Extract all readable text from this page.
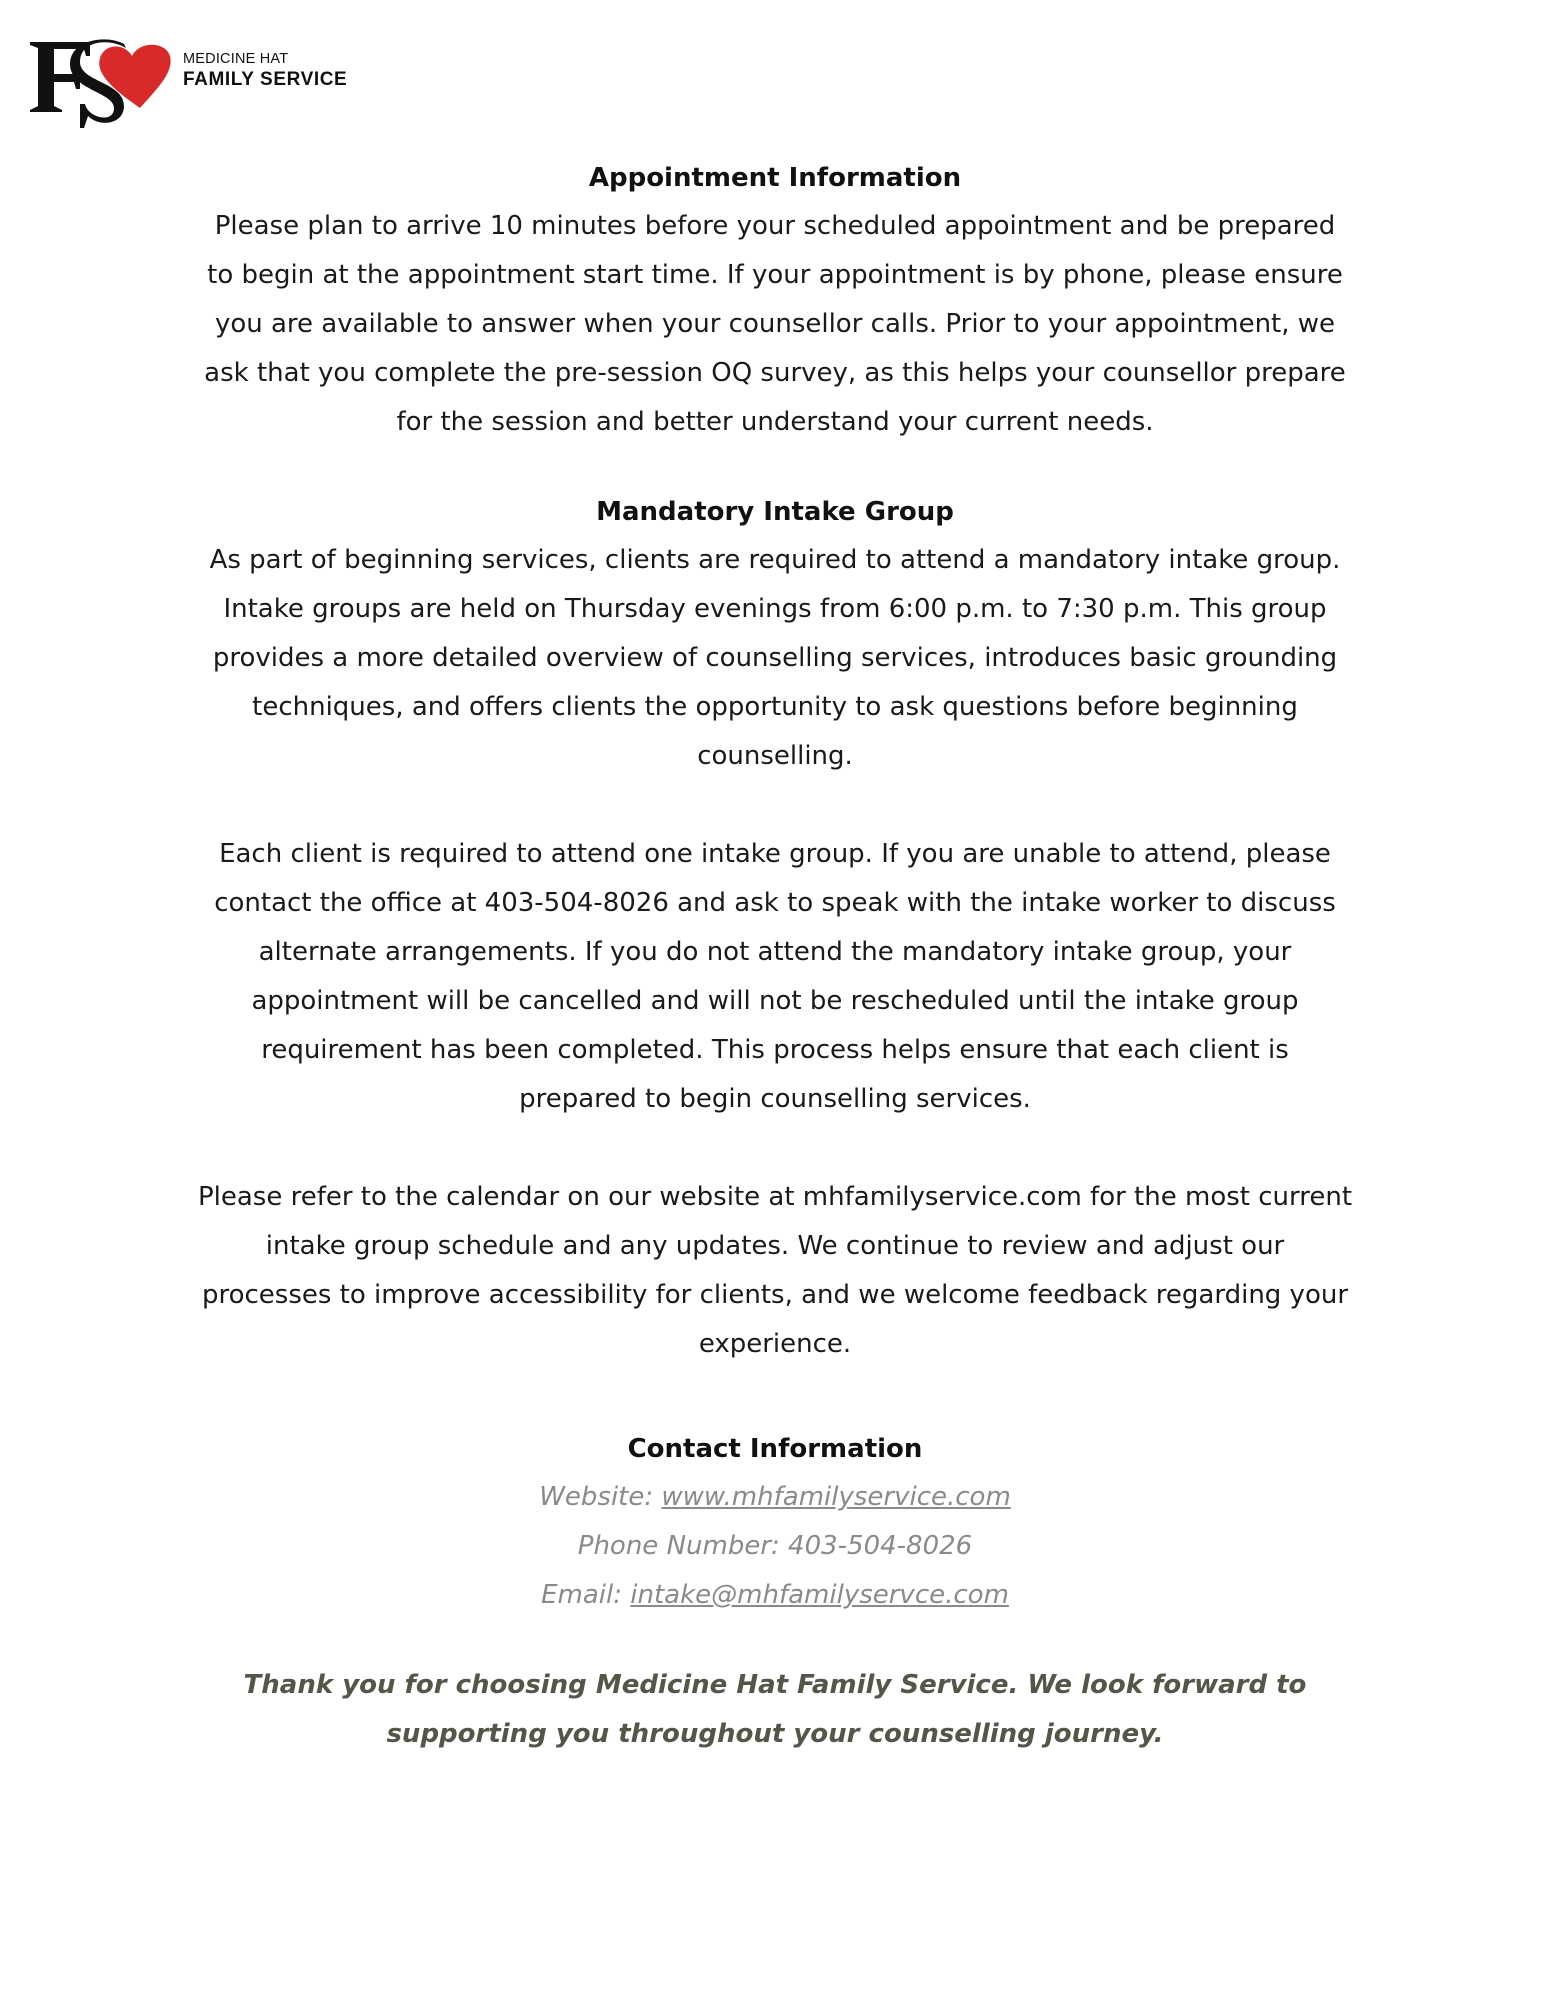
MEDICINE HAT
FAMILY SERVICE
Appointment Information

Please plan to arrive 10 minutes before your scheduled appointment and be prepared

to begin at the appointment start time. If your appointment is by phone, please ensure

you are available to answer when your counsellor calls. Prior to your appointment, we

ask that you complete the pre-session OQ survey, as this helps your counsellor prepare

for the session and better understand your current needs.

Mandatory Intake Group

As part of beginning services, clients are required to attend a mandatory intake group.

Intake groups are held on Thursday evenings from 6:00 p.m. to 7:30 p.m. This group

provides a more detailed overview of counselling services, introduces basic grounding

techniques, and offers clients the opportunity to ask questions before beginning

counselling.

Each client is required to attend one intake group. If you are unable to attend, please

contact the office at 403-504-8026 and ask to speak with the intake worker to discuss

alternate arrangements. If you do not attend the mandatory intake group, your

appointment will be cancelled and will not be rescheduled until the intake group

requirement has been completed. This process helps ensure that each client is

prepared to begin counselling services.

Please refer to the calendar on our website at mhfamilyservice.com for the most current

intake group schedule and any updates. We continue to review and adjust our

processes to improve accessibility for clients, and we welcome feedback regarding your

experience.

Contact Information

Website: www.mhfamilyservice.com

Phone Number: 403-504-8026

Email: intake@mhfamilyservce.com

Thank you for choosing Medicine Hat Family Service. We look forward to

supporting you throughout your counselling journey.
